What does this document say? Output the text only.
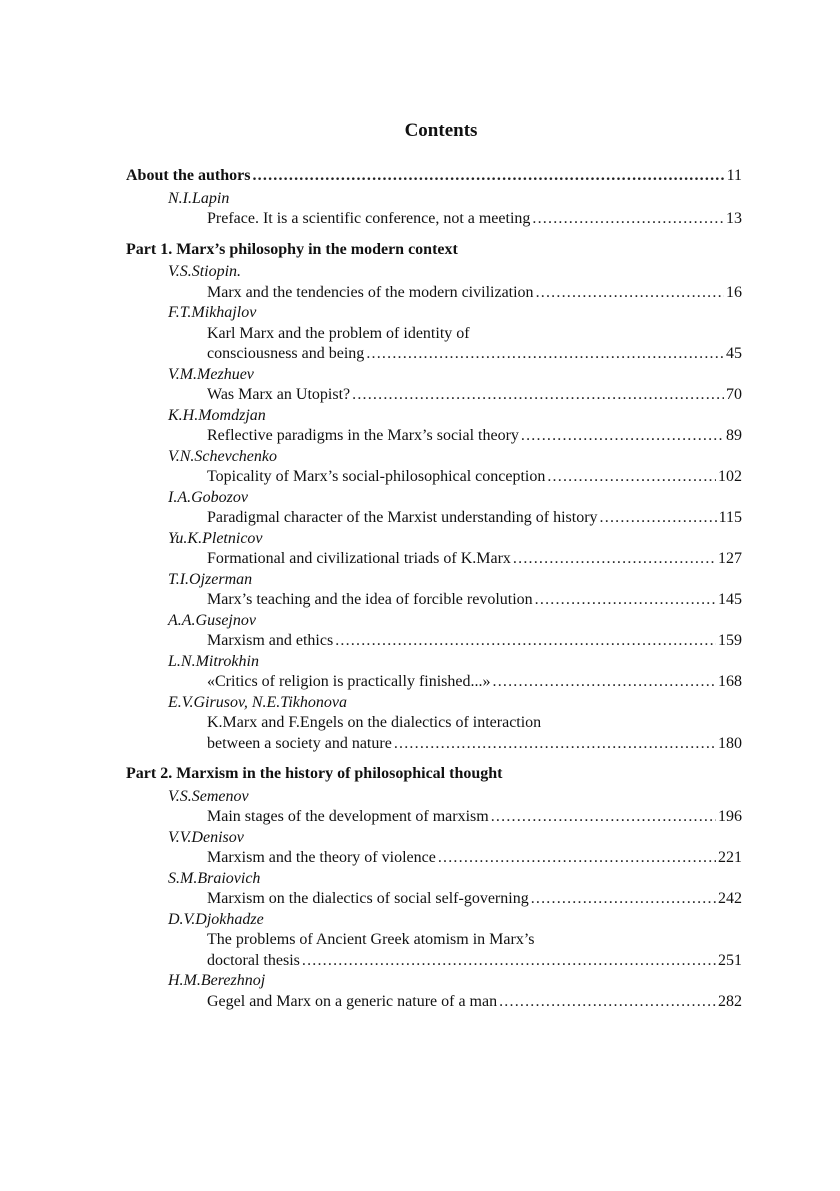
Contents
About the authors . . .	11
N.I.Lapin
Preface. It is a scientific conference, not a meeting . . .	13
Part 1. Marx’s philosophy in the modern context
V.S.Stiopin.
Marx and the tendencies of the modern civilization . . .	16
F.T.Mikhajlov
Karl Marx and the problem of identity of
consciousness and being . . .	45
V.M.Mezhuev
Was Marx an Utopist? . . .	70
K.H.Momdzjan
Reflective paradigms in the Marx’s social theory . . .	89
V.N.Schevchenko
Topicality of Marx’s social-philosophical conception . . .	102
I.A.Gobozov
Paradigmal character of the Marxist understanding of history . . .	115
Yu.K.Pletnicov
Formational and civilizational triads of K.Marx . . .	127
T.I.Ojzerman
Marx’s teaching and the idea of forcible revolution . . .	145
A.A.Gusejnov
Marxism and ethics . . .	159
L.N.Mitrokhin
«Critics of religion is practically finished...» . . .	168
E.V.Girusov, N.E.Tikhonova
K.Marx and F.Engels on the dialectics of interaction
between a society and nature . . .	180
Part 2. Marxism in the history of philosophical thought
V.S.Semenov
Main stages of the development of marxism . . .	196
V.V.Denisov
Marxism and the theory of violence . . .	221
S.M.Braiovich
Marxism on the dialectics of social self-governing . . .	242
D.V.Djokhadze
The problems of Ancient Greek atomism in Marx’s
doctoral thesis . . .	251
H.M.Berezhnoj
Gegel and Marx on a generic nature of a man . . .	282
